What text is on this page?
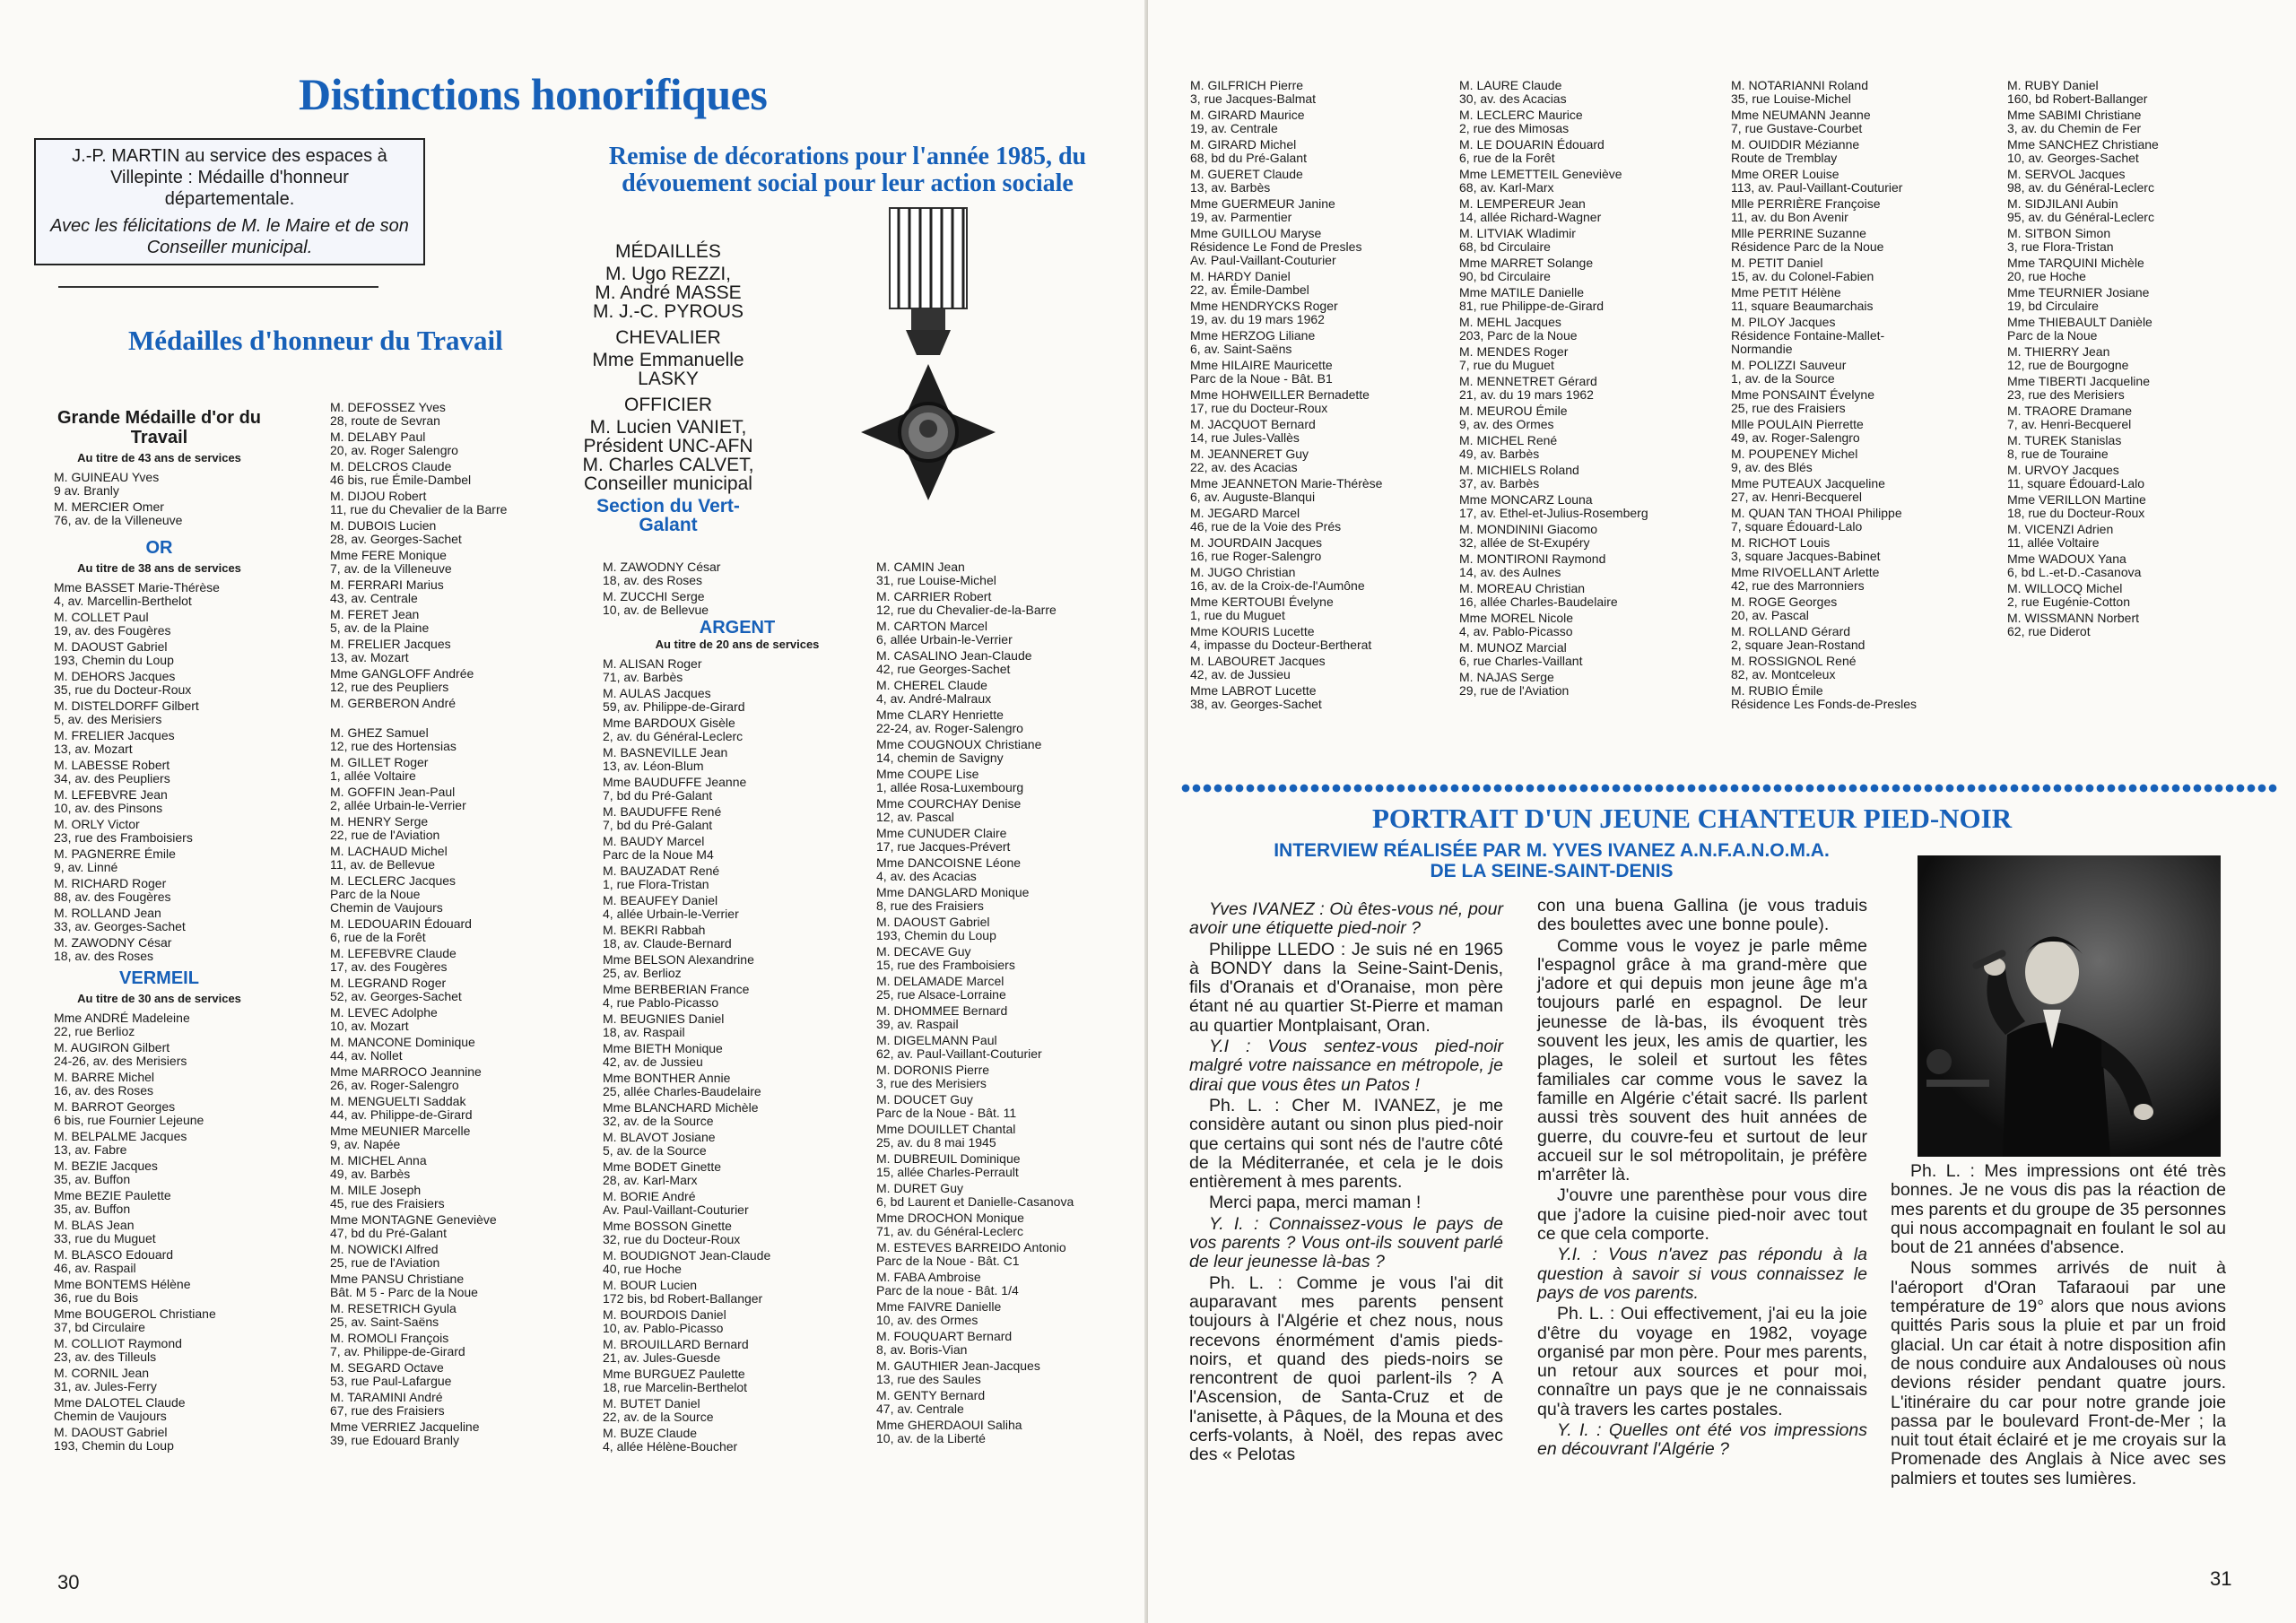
Distinctions honorifiques
J.-P. MARTIN au service des espaces à Villepinte : Médaille d'honneur départementale.
Avec les félicitations de M. le Maire et de son Conseiller municipal.
Médailles d'honneur du Travail
Remise de décorations pour l'année 1985, du dévouement social pour leur action sociale
MÉDAILLÉS
M. Ugo REZZI,
M. André MASSE
M. J.-C. PYROUS
CHEVALIER
Mme Emmanuelle LASKY
OFFICIER
M. Lucien VANIET,
Président UNC-AFN
M. Charles CALVET,
Conseiller municipal
Section du Vert-Galant
Grande Médaille d'or du Travail
Au titre de 43 ans de services
M. GUINEAU Yves
9 av. Branly
M. MERCIER Omer
76, av. de la Villeneuve
OR
Au titre de 38 ans de services
Mme BASSET Marie-Thérèse
4, av. Marcellin-Berthelot
M. COLLET Paul
19, av. des Fougères
M. DAOUST Gabriel
193, Chemin du Loup
M. DEHORS Jacques
35, rue du Docteur-Roux
M. DISTELDORFF Gilbert
5, av. des Merisiers
M. FRELIER Jacques
13, av. Mozart
M. LABESSE Robert
34, av. des Peupliers
M. LEFEBVRE Jean
10, av. des Pinsons
M. ORLY Victor
23, rue des Framboisiers
M. PAGNERRE Émile
9, av. Linné
M. RICHARD Roger
88, av. des Fougères
M. ROLLAND Jean
33, av. Georges-Sachet
M. ZAWODNY César
18, av. des Roses
VERMEIL
Au titre de 30 ans de services
Mme ANDRÉ Madeleine
22, rue Berlioz
M. AUGIRON Gilbert
24-26, av. des Merisiers
M. BARRE Michel
16, av. des Roses
M. BARROT Georges
6 bis, rue Fournier Lejeune
M. BELPALME Jacques
13, av. Fabre
M. BEZIE Jacques
35, av. Buffon
Mme BEZIE Paulette
35, av. Buffon
M. BLAS Jean
33, rue du Muguet
M. BLASCO Edouard
46, av. Raspail
Mme BONTEMS Hélène
36, rue du Bois
Mme BOUGEROL Christiane
37, bd Circulaire
M. COLLIOT Raymond
23, av. des Tilleuls
M. CORNIL Jean
31, av. Jules-Ferry
Mme DALOTEL Claude
Chemin de Vaujours
M. DAOUST Gabriel
193, Chemin du Loup
M. DEFOSSEZ Yves
28, route de Sevran
M. DELABY Paul
20, av. Roger Salengro
M. DELCROS Claude
46 bis, rue Émile-Dambel
M. DIJOU Robert
11, rue du Chevalier de la Barre
M. DUBOIS Lucien
28, av. Georges-Sachet
Mme FERE Monique
7, av. de la Villeneuve
M. FERRARI Marius
43, av. Centrale
M. FERET Jean
5, av. de la Plaine
M. FRELIER Jacques
13, av. Mozart
Mme GANGLOFF Andrée
12, rue des Peupliers
M. GERBERON André

M. GHEZ Samuel
12, rue des Hortensias
M. GILLET Roger
1, allée Voltaire
M. GOFFIN Jean-Paul
2, allée Urbain-le-Verrier
M. HENRY Serge
22, rue de l'Aviation
M. LACHAUD Michel
11, av. de Bellevue
M. LECLERC Jacques
Parc de la Noue
Chemin de Vaujours
M. LEDOUARIN Édouard
6, rue de la Forêt
M. LEFEBVRE Claude
17, av. des Fougères
M. LEGRAND Roger
52, av. Georges-Sachet
M. LEVEC Adolphe
10, av. Mozart
M. MANCONE Dominique
44, av. Nollet
Mme MARROCO Jeannine
26, av. Roger-Salengro
M. MENGUELTI Saddak
44, av. Philippe-de-Girard
Mme MEUNIER Marcelle
9, av. Napée
M. MICHEL Anna
49, av. Barbès
M. MILE Joseph
45, rue des Fraisiers
Mme MONTAGNE Geneviève
47, bd du Pré-Galant
M. NOWICKI Alfred
25, rue de l'Aviation
Mme PANSU Christiane
Bât. M 5 - Parc de la Noue
M. RESETRICH Gyula
25, av. Saint-Saëns
M. ROMOLI François
7, av. Philippe-de-Girard
M. SEGARD Octave
53, rue Paul-Lafargue
M. TARAMINI André
67, rue des Fraisiers
Mme VERRIEZ Jacqueline
39, rue Edouard Branly
M. ZAWODNY César
18, av. des Roses
M. ZUCCHI Serge
10, av. de Bellevue
ARGENT
Au titre de 20 ans de services
M. ALISAN Roger
71, av. Barbès
M. AULAS Jacques
59, av. Philippe-de-Girard
Mme BARDOUX Gisèle
2, av. du Général-Leclerc
M. BASNEVILLE Jean
13, av. Léon-Blum
Mme BAUDUFFE Jeanne
7, bd du Pré-Galant
M. BAUDUFFE René
7, bd du Pré-Galant
M. BAUDY Marcel
Parc de la Noue M4
M. BAUZADAT René
1, rue Flora-Tristan
M. BEAUFEY Daniel
4, allée Urbain-le-Verrier
M. BEKRI Rabbah
18, av. Claude-Bernard
Mme BELSON Alexandrine
25, av. Berlioz
Mme BERBERIAN France
4, rue Pablo-Picasso
M. BEUGNIES Daniel
18, av. Raspail
Mme BIETH Monique
42, av. de Jussieu
Mme BONTHER Annie
25, allée Charles-Baudelaire
Mme BLANCHARD Michèle
32, av. de la Source
M. BLAVOT Josiane
5, av. de la Source
Mme BODET Ginette
28, av. Karl-Marx
M. BORIE André
Av. Paul-Vaillant-Couturier
Mme BOSSON Ginette
32, rue du Docteur-Roux
M. BOUDIGNOT Jean-Claude
40, rue Hoche
M. BOUR Lucien
172 bis, bd Robert-Ballanger
M. BOURDOIS Daniel
10, av. Pablo-Picasso
M. BROUILLARD Bernard
21, av. Jules-Guesde
Mme BURGUEZ Paulette
18, rue Marcelin-Berthelot
M. BUTET Daniel
22, av. de la Source
M. BUZE Claude
4, allée Hélène-Boucher
M. CAMIN Jean
31, rue Louise-Michel
M. CARRIER Robert
12, rue du Chevalier-de-la-Barre
M. CARTON Marcel
6, allée Urbain-le-Verrier
M. CASALINO Jean-Claude
42, rue Georges-Sachet
M. CHEREL Claude
4, av. André-Malraux
Mme CLARY Henriette
22-24, av. Roger-Salengro
Mme COUGNOUX Christiane
14, chemin de Savigny
Mme COUPE Lise
1, allée Rosa-Luxembourg
Mme COURCHAY Denise
12, av. Pascal
Mme CUNUDER Claire
17, rue Jacques-Prévert
Mme DANCOISNE Léone
4, av. des Acacias
Mme DANGLARD Monique
8, rue des Fraisiers
M. DAOUST Gabriel
193, Chemin du Loup
M. DECAVE Guy
15, rue des Framboisiers
M. DELAMADE Marcel
25, rue Alsace-Lorraine
M. DHOMMEE Bernard
39, av. Raspail
M. DIGELMANN Paul
62, av. Paul-Vaillant-Couturier
M. DORONIS Pierre
3, rue des Merisiers
M. DOUCET Guy
Parc de la Noue - Bât. 11
Mme DOUILLET Chantal
25, av. du 8 mai 1945
M. DUBREUIL Dominique
15, allée Charles-Perrault
M. DURET Guy
6, bd Laurent et Danielle-Casanova
Mme DROCHON Monique
71, av. du Général-Leclerc
M. ESTEVES BARREIDO Antonio
Parc de la Noue - Bât. C1
M. FABA Ambroise
Parc de la noue - Bât. 1/4
Mme FAIVRE Danielle
10, av. des Ormes
M. FOUQUART Bernard
8, av. Boris-Vian
M. GAUTHIER Jean-Jacques
13, rue des Saules
M. GENTY Bernard
47, av. Centrale
Mme GHERDAOUI Saliha
10, av. de la Liberté
30
M. GILFRICH Pierre
3, rue Jacques-Balmat
M. GIRARD Maurice
19, av. Centrale
M. GIRARD Michel
68, bd du Pré-Galant
M. GUERET Claude
13, av. Barbès
Mme GUERMEUR Janine
19, av. Parmentier
Mme GUILLOU Maryse
Résidence Le Fond de Presles
Av. Paul-Vaillant-Couturier
M. HARDY Daniel
22, av. Émile-Dambel
Mme HENDRYCKS Roger
19, av. du 19 mars 1962
Mme HERZOG Liliane
6, av. Saint-Saëns
Mme HILAIRE Mauricette
Parc de la Noue - Bât. B1
Mme HOHWEILLER Bernadette
17, rue du Docteur-Roux
M. JACQUOT Bernard
14, rue Jules-Vallès
M. JEANNERET Guy
22, av. des Acacias
Mme JEANNETON Marie-Thérèse
6, av. Auguste-Blanqui
M. JEGARD Marcel
46, rue de la Voie des Prés
M. JOURDAIN Jacques
16, rue Roger-Salengro
M. JUGO Christian
16, av. de la Croix-de-l'Aumône
Mme KERTOUBI Évelyne
1, rue du Muguet
Mme KOURIS Lucette
4, impasse du Docteur-Bertherat
M. LABOURET Jacques
42, av. de Jussieu
Mme LABROT Lucette
38, av. Georges-Sachet
M. LAURE Claude
30, av. des Acacias
M. LECLERC Maurice
2, rue des Mimosas
M. LE DOUARIN Édouard
6, rue de la Forêt
Mme LEMETTEIL Geneviève
68, av. Karl-Marx
M. LEMPEREUR Jean
14, allée Richard-Wagner
M. LITVIAK Wladimir
68, bd Circulaire
Mme MARRET Solange
90, bd Circulaire
Mme MATILE Danielle
81, rue Philippe-de-Girard
M. MEHL Jacques
203, Parc de la Noue
M. MENDES Roger
7, rue du Muguet
M. MENNETRET Gérard
21, av. du 19 mars 1962
M. MEUROU Émile
9, av. des Ormes
M. MICHEL René
49, av. Barbès
M. MICHIELS Roland
37, av. Barbès
Mme MONCARZ Louna
17, av. Ethel-et-Julius-Rosemberg
M. MONDININI Giacomo
32, allée de St-Exupéry
M. MONTIRONI Raymond
14, av. des Aulnes
M. MOREAU Christian
16, allée Charles-Baudelaire
Mme MOREL Nicole
4, av. Pablo-Picasso
M. MUNOZ Marcial
6, rue Charles-Vaillant
M. NAJAS Serge
29, rue de l'Aviation
M. NOTARIANNI Roland
35, rue Louise-Michel
Mme NEUMANN Jeanne
7, rue Gustave-Courbet
M. OUIDDIR Mézianne
Route de Tremblay
Mme ORER Louise
113, av. Paul-Vaillant-Couturier
Mlle PERRIÈRE Françoise
11, av. du Bon Avenir
Mlle PERRINE Suzanne
Résidence Parc de la Noue
M. PETIT Daniel
15, av. du Colonel-Fabien
Mme PETIT Hélène
11, square Beaumarchais
M. PILOY Jacques
Résidence Fontaine-Mallet-
Normandie
M. POLIZZI Sauveur
1, av. de la Source
Mme PONSAINT Évelyne
25, rue des Fraisiers
Mlle POULAIN Pierrette
49, av. Roger-Salengro
M. POUPENEY Michel
9, av. des Blés
Mme PUTEAUX Jacqueline
27, av. Henri-Becquerel
M. QUAN TAN THOAI Philippe
7, square Édouard-Lalo
M. RICHOT Louis
3, square Jacques-Babinet
Mme RIVOELLANT Arlette
42, rue des Marronniers
M. ROGE Georges
20, av. Pascal
M. ROLLAND Gérard
2, square Jean-Rostand
M. ROSSIGNOL René
82, av. Montceleux
M. RUBIO Émile
Résidence Les Fonds-de-Presles
M. RUBY Daniel
160, bd Robert-Ballanger
Mme SABIMI Christiane
3, av. du Chemin de Fer
Mme SANCHEZ Christiane
10, av. Georges-Sachet
M. SERVOL Jacques
98, av. du Général-Leclerc
M. SIDJILANI Aubin
95, av. du Général-Leclerc
M. SITBON Simon
3, rue Flora-Tristan
Mme TARQUINI Michèle
20, rue Hoche
Mme TEURNIER Josiane
19, bd Circulaire
Mme THIEBAULT Danièle
Parc de la Noue
M. THIERRY Jean
12, rue de Bourgogne
Mme TIBERTI Jacqueline
23, rue des Merisiers
M. TRAORE Dramane
7, av. Henri-Becquerel
M. TUREK Stanislas
8, rue de Touraine
M. URVOY Jacques
11, square Édouard-Lalo
Mme VERILLON Martine
18, rue du Docteur-Roux
M. VICENZI Adrien
11, allée Voltaire
Mme WADOUX Yana
6, bd L.-et-D.-Casanova
M. WILLOCQ Michel
2, rue Eugénie-Cotton
M. WISSMANN Norbert
62, rue Diderot
PORTRAIT D'UN JEUNE CHANTEUR PIED-NOIR
INTERVIEW RÉALISÉE PAR M. YVES IVANEZ A.N.F.A.N.O.M.A.
DE LA SEINE-SAINT-DENIS

Yves IVANEZ : Où êtes-vous né, pour avoir une étiquette pied-noir ?

Philippe LLEDO : Je suis né en 1965 à BONDY dans la Seine-Saint-Denis, fils d'Oranais et d'Oranaise, mon père étant né au quartier St-Pierre et maman au quartier Montplaisant, Oran.

Y.I : Vous sentez-vous pied-noir malgré votre naissance en métropole, je dirai que vous êtes un Patos !

Ph. L. : Cher M. IVANEZ, je me considère autant ou sinon plus pied-noir que certains qui sont nés de l'autre côté de la Méditerranée, et cela je le dois entièrement à mes parents.

Merci papa, merci maman !

Y. I. : Connaissez-vous le pays de vos parents ? Vous ont-ils souvent parlé de leur jeunesse là-bas ?

Ph. L. : Comme je vous l'ai dit auparavant mes parents pensent toujours à l'Algérie et chez nous, nous recevons énormément d'amis pieds-noirs, et quand des pieds-noirs se rencontrent de quoi parlent-ils ? A l'Ascension, de Santa-Cruz et de l'anisette, à Pâques, de la Mouna et des cerfs-volants, à Noël, des repas avec des « Pelotas

con una buena Gallina (je vous traduis des boulettes avec une bonne poule).

Comme vous le voyez je parle même l'espagnol grâce à ma grand-mère que j'adore et qui depuis mon jeune âge m'a toujours parlé en espagnol. De leur jeunesse de là-bas, ils évoquent très souvent les jeux, les amis de quartier, les plages, le soleil et surtout les fêtes familiales car comme vous le savez la famille en Algérie c'était sacré. Ils parlent aussi très souvent des huit années de guerre, du couvre-feu et surtout de leur accueil sur le sol métropolitain, je préfère m'arrêter là.

J'ouvre une parenthèse pour vous dire que j'adore la cuisine pied-noir avec tout ce que cela comporte.

Y.I. : Vous n'avez pas répondu à la question à savoir si vous connaissez le pays de vos parents.

Ph. L. : Oui effectivement, j'ai eu la joie d'être du voyage en 1982, voyage organisé par mon père. Pour mes parents, un retour aux sources et pour moi, connaître un pays que je ne connaissais qu'à travers les cartes postales.

Y. I. : Quelles ont été vos impressions en découvrant l'Algérie ?

Ph. L. : Mes impressions ont été très bonnes. Je ne vous dis pas la réaction de mes parents et du groupe de 35 personnes qui nous accompagnait en foulant le sol au bout de 21 années d'absence.

Nous sommes arrivés de nuit à l'aéroport d'Oran Tafaraoui par une température de 19° alors que nous avions quittés Paris sous la pluie et par un froid glacial. Un car était à notre disposition afin de nous conduire aux Andalouses où nous devions résider pendant quatre jours. L'itinéraire du car pour notre grande joie passa par le boulevard Front-de-Mer ; la nuit tout était éclairé et je me croyais sur la Promenade des Anglais à Nice avec ses palmiers et toutes ses lumières.

31
